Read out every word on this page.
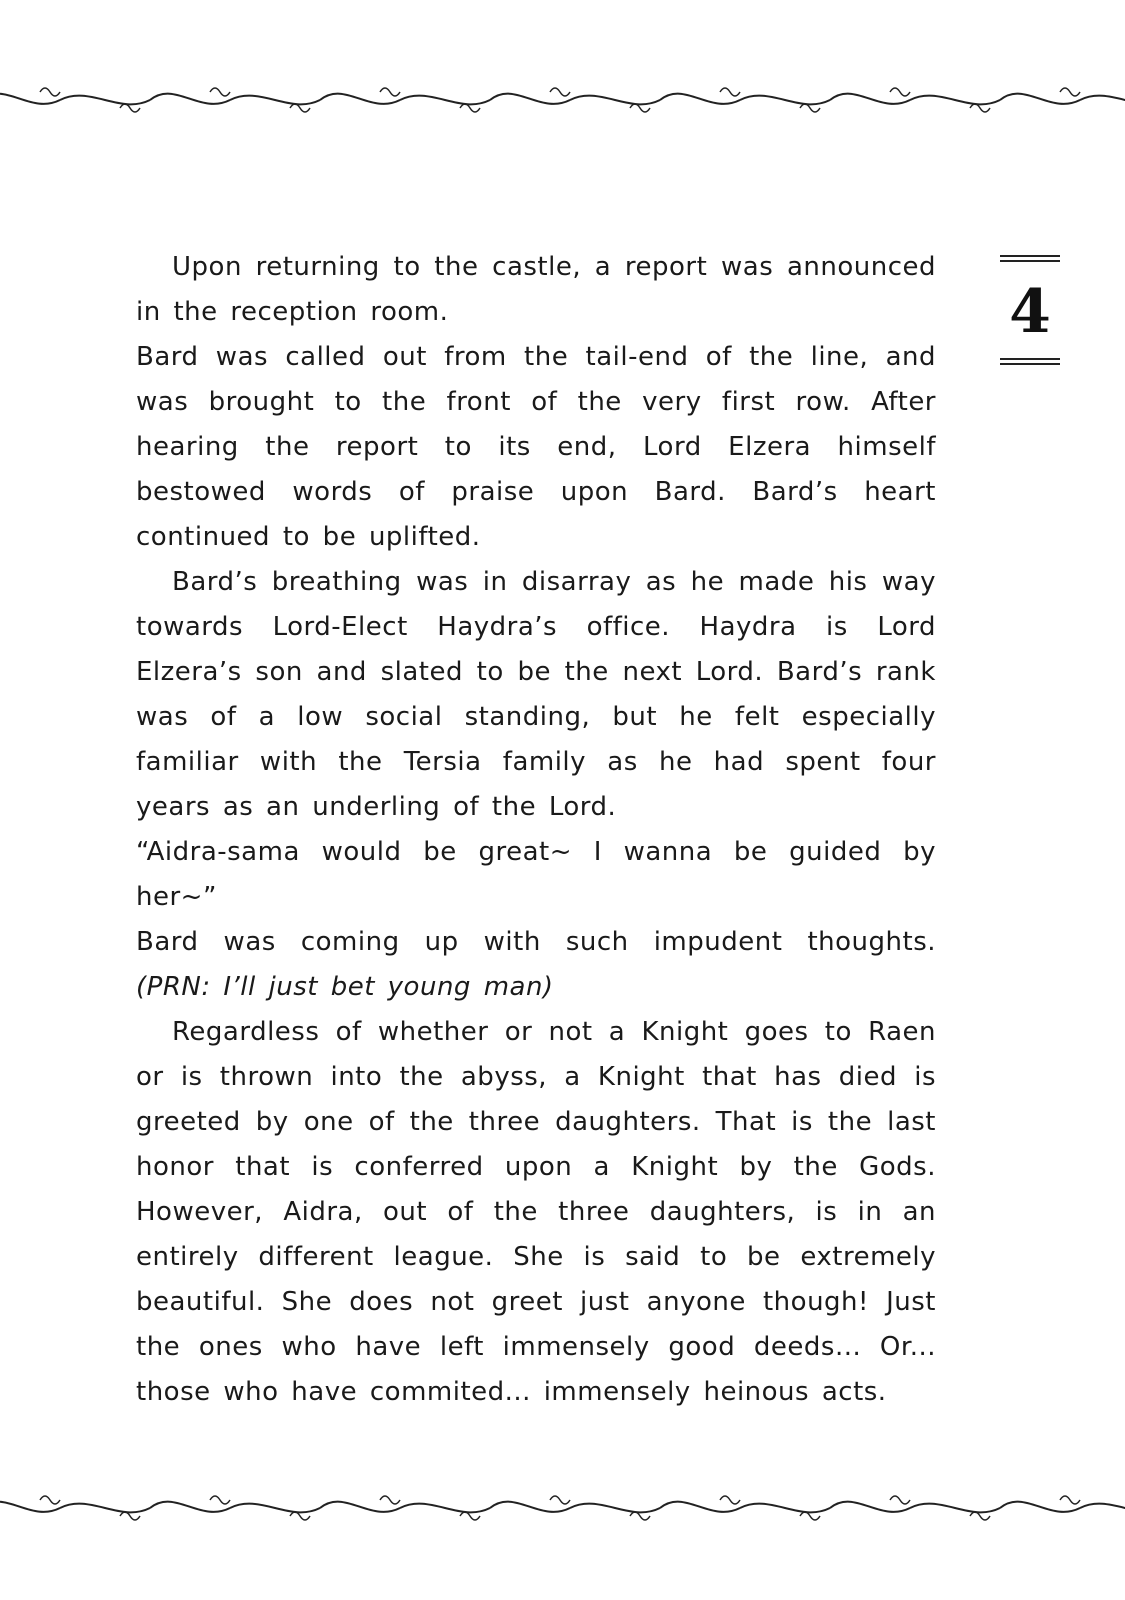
4

Upon returning to the castle, a report was announced in the reception room.

Bard was called out from the tail-end of the line, and was brought to the front of the very first row. After hearing the report to its end, Lord Elzera himself bestowed words of praise upon Bard. Bard’s heart continued to be uplifted.

Bard’s breathing was in disarray as he made his way towards Lord-Elect Haydra’s office. Haydra is Lord Elzera’s son and slated to be the next Lord. Bard’s rank was of a low social standing, but he felt especially familiar with the Tersia family as he had spent four years as an underling of the Lord.

“Aidra-sama would be great~ I wanna be guided by her~”

Bard was coming up with such impudent thoughts. (PRN: I’ll just bet young man)

Regardless of whether or not a Knight goes to Raen or is thrown into the abyss, a Knight that has died is greeted by one of the three daughters. That is the last honor that is conferred upon a Knight by the Gods. However, Aidra, out of the three daughters, is in an entirely different league. She is said to be extremely beautiful. She does not greet just anyone though! Just the ones who have left immensely good deeds... Or... those who have commited... immensely heinous acts.
